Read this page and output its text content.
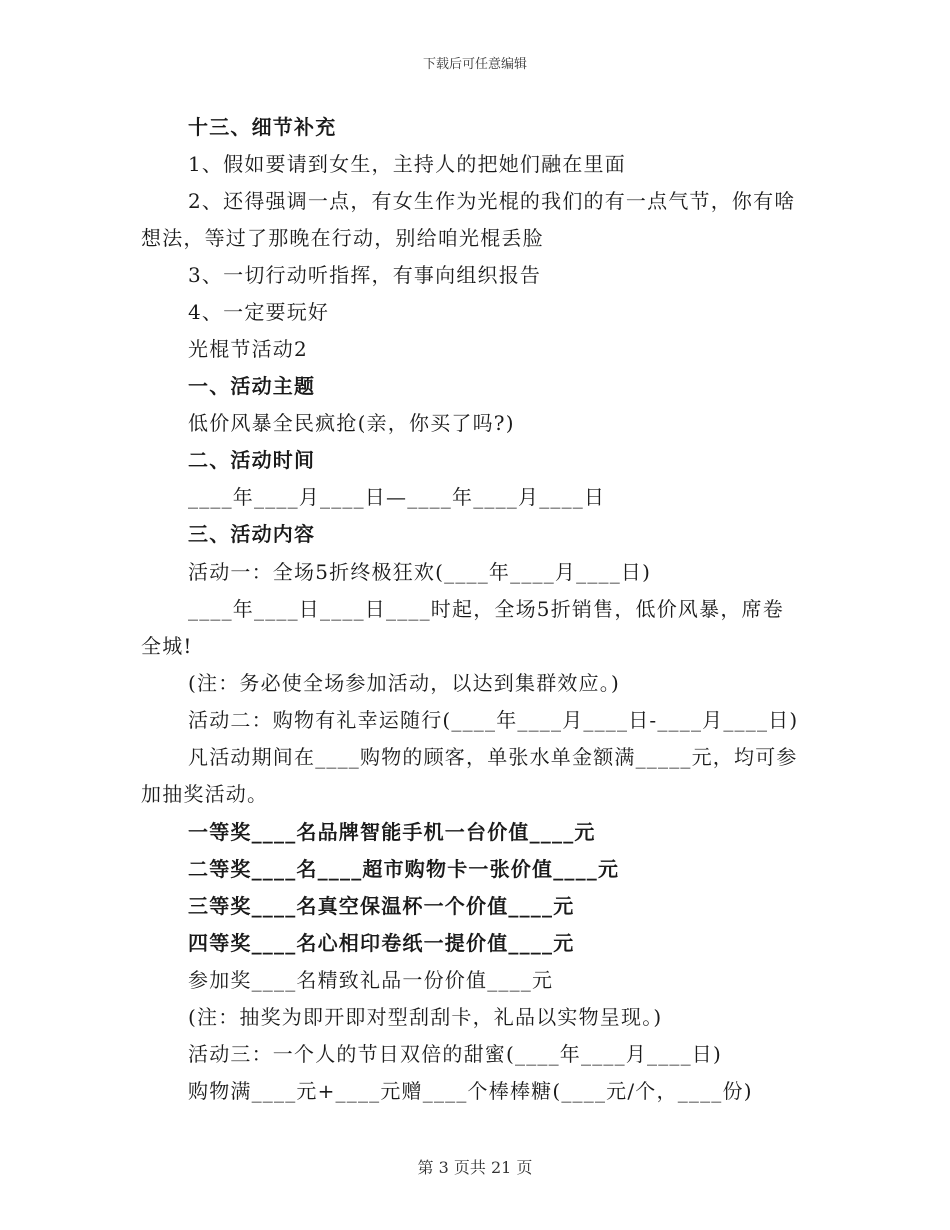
下载后可任意编辑
十三、细节补充
1、假如要请到女生，主持人的把她们融在里面
2、还得强调一点，有女生作为光棍的我们的有一点气节，你有啥
想法，等过了那晚在行动，别给咱光棍丢脸
3、一切行动听指挥，有事向组织报告
4、一定要玩好
光棍节活动2
一、活动主题
低价风暴全民疯抢(亲，你买了吗?)
二、活动时间
____年____月____日—____年____月____日
三、活动内容
活动一：全场5折终极狂欢(____年____月____日)
____年____日____日____时起，全场5折销售，低价风暴，席卷
全城!
(注：务必使全场参加活动，以达到集群效应。)
活动二：购物有礼幸运随行(____年____月____日-____月____日)
凡活动期间在____购物的顾客，单张水单金额满_____元，均可参
加抽奖活动。
一等奖____名品牌智能手机一台价值____元
二等奖____名____超市购物卡一张价值____元
三等奖____名真空保温杯一个价值____元
四等奖____名心相印卷纸一提价值____元
参加奖____名精致礼品一份价值____元
(注：抽奖为即开即对型刮刮卡，礼品以实物呈现。)
活动三：一个人的节日双倍的甜蜜(____年____月____日)
购物满____元+____元赠____个棒棒糖(____元/个，____份)
第 3 页共 21 页
